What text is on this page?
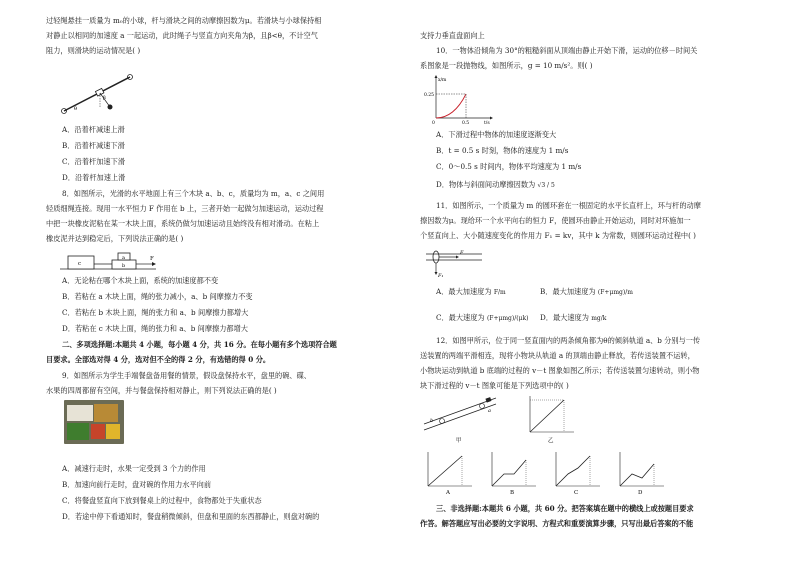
过轻绳悬挂一质量为 m₀的小球，杆与滑块之间的动摩擦因数为μ。若滑块与小球保持相
对静止以相同的加速度 a 一起运动，此时绳子与竖直方向夹角为β，且β<θ，不计空气
阻力，则滑块的运动情况是( )
β
θ
A．沿着杆减速上滑
B．沿着杆减速下滑
C．沿着杆加速下滑
D．沿着杆加速上滑
8．如图所示，光滑的水平地面上有三个木块 a、b、c，质量均为 m，a、c 之间用
轻质细绳连接。现用一水平恒力 F 作用在 b 上，三者开始一起做匀加速运动，运动过程
中把一块橡皮泥粘在某一木块上面，系统仍做匀加速运动且始终没有相对滑动。在粘上
橡皮泥并达到稳定后，下列说法正确的是( )
c
a
b
F
A．无论粘在哪个木块上面，系统的加速度都不变
B．若粘在 a 木块上面，绳的张力减小，a、b 间摩擦力不变
C．若粘在 b 木块上面，绳的张力和 a、b 间摩擦力都增大
D．若粘在 c 木块上面，绳的张力和 a、b 间摩擦力都增大
二、多项选择题:本题共 4 小题，每小题 4 分，共 16 分。在每小题有多个选项符合题
目要求。全部选对得 4 分，选对但不全的得 2 分，有选错的得 0 分。
9．如图所示为学生手端餐盘备用餐的情景，假设盘保持水平，盘里的碗、碟、
水果的四周都留有空间，并与餐盘保持相对静止，则下列说法正确的是( )
A．减速行走时，水果一定受到 3 个力的作用
B．加速向前行走时，盘对碗的作用力水平向前
C．将餐盘竖直向下放到餐桌上的过程中，食物都处于失重状态
D．若途中停下看通知时，餐盘稍微倾斜，但盘和里面的东西都静止，则盘对碗的
支持力垂直盘面向上
10．一物体沿倾角为 30°的粗糙斜面从顶端由静止开始下滑，运动的位移－时间关
系图象是一段抛物线，如图所示，g = 10 m/s²。则( )
x/m
t/s
0.25
0.5
0
A．下滑过程中物体的加速度逐渐变大
B．t = 0.5 s 时刻，物体的速度为 1 m/s
C．0～0.5 s 时间内，物体平均速度为 1 m/s
D．物体与斜面间动摩擦因数为 √3 / 5
11．如图所示，一个质量为 m 的圆环套在一根固定的水平长直杆上，环与杆的动摩
擦因数为μ。现给环一个水平向右的恒力 F，使圆环由静止开始运动，同时对环施加一
个竖直向上、大小随速度变化的作用力 F₁ = kv，其中 k 为常数，则圆环运动过程中( )
F
F₁
A．最大加速度为 F/m	B．最大加速度为 (F+μmg)/m
C．最大速度为 (F+μmg)/(μk) D．最大速度为 mg/k
12．如图甲所示，位于同一竖直面内的两条倾角都为θ的倾斜轨道 a、b 分别与一传
送装置的两端平滑相连，现将小物块从轨道 a 的顶端由静止释放，若传送装置不运转，
小物块运动到轨道 b 底端的过程的 v－t 图象如图乙所示；若传送装置匀速转动，则小物
块下滑过程的 v－t 图象可能是下列选项中的( )
b
a
甲	乙
A	B	C	D
三、非选择题:本题共 6 小题，共 60 分。把答案填在题中的横线上或按题目要求
作答。解答题应写出必要的文字说明、方程式和重要演算步骤，只写出最后答案的不能
